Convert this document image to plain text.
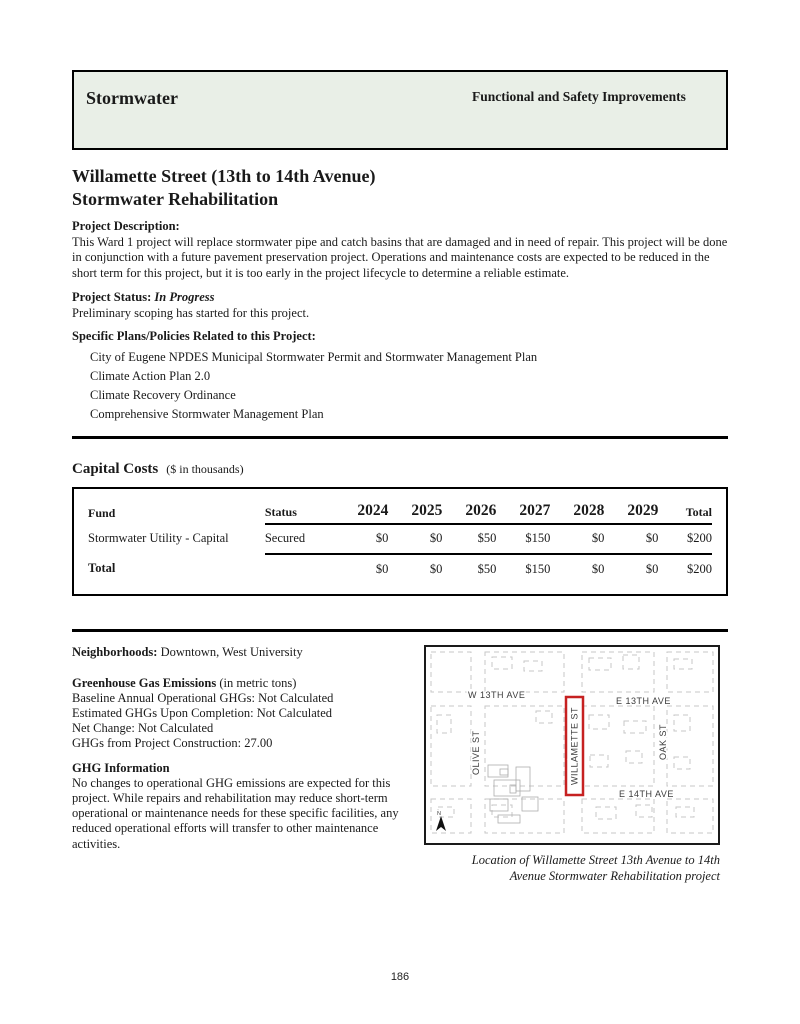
Stormwater	Functional and Safety Improvements
Willamette Street (13th to 14th Avenue)
Stormwater Rehabilitation
Project Description:
This Ward 1 project will replace stormwater pipe and catch basins that are damaged and in need of repair. This project will be done in conjunction with a future pavement preservation project. Operations and maintenance costs are expected to be reduced in the short term for this project, but it is too early in the project lifecycle to determine a reliable estimate.
Project Status: In Progress
Preliminary scoping has started for this project.
Specific Plans/Policies Related to this Project:
City of Eugene NPDES Municipal Stormwater Permit and Stormwater Management Plan
Climate Action Plan 2.0
Climate Recovery Ordinance
Comprehensive Stormwater Management Plan
Capital Costs ($ in thousands)
Fund	Status	2024	2025	2026	2027	2028	2029	Total
Stormwater Utility - Capital	Secured	$0	$0	$50	$150	$0	$0	$200
Total		$0	$0	$50	$150	$0	$0	$200
Neighborhoods: Downtown, West University
Greenhouse Gas Emissions (in metric tons)
Baseline Annual Operational GHGs: Not Calculated
Estimated GHGs Upon Completion: Not Calculated
Net Change: Not Calculated
GHGs from Project Construction: 27.00
GHG Information
No changes to operational GHG emissions are expected for this project. While repairs and rehabilitation may reduce short-term operational or maintenance needs for these specific facilities, any reduced operational efforts will transfer to other maintenance activities.
W 13TH AVE
E 13TH AVE
OLIVE ST	WILLAMETTE ST	OAK ST
E 14TH AVE
N
Location of Willamette Street 13th Avenue to 14th Avenue Stormwater Rehabilitation project
186
